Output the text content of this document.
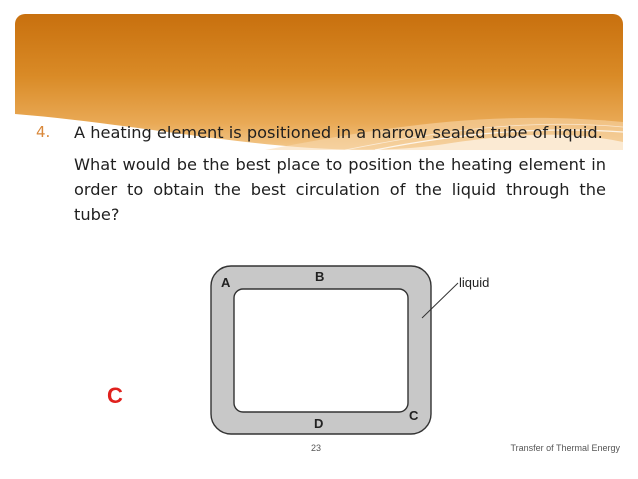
4. A heating element is positioned in a narrow sealed tube of liquid.
What would be the best place to position the heating element in order to obtain the best circulation of the liquid through the tube?
A	B
C
D
liquid
C
23	Transfer of Thermal Energy
